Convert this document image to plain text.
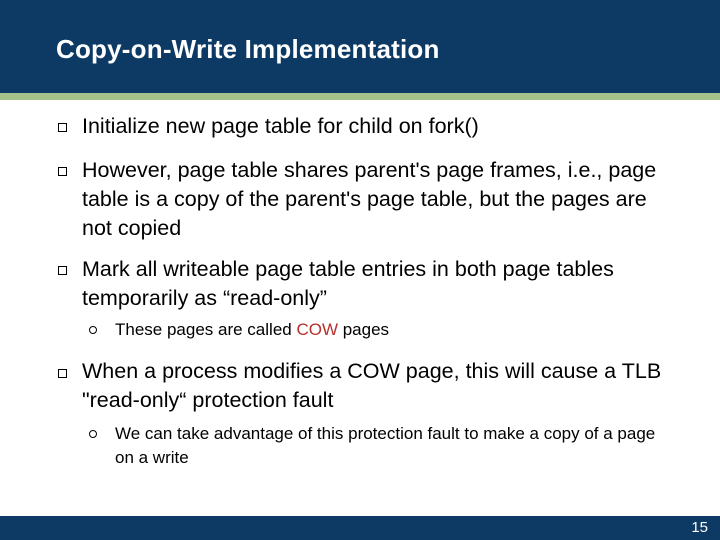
Copy-on-Write Implementation
Initialize new page table for child on fork()
However, page table shares parent's page frames, i.e., page table is a copy of the parent's page table, but the pages are not copied
Mark all writeable page table entries in both page tables temporarily as “read-only”
These pages are called COW pages
When a process modifies a COW page, this will cause a TLB "read-only“ protection fault
We can take advantage of this protection fault to make a copy of a page on a write
15
